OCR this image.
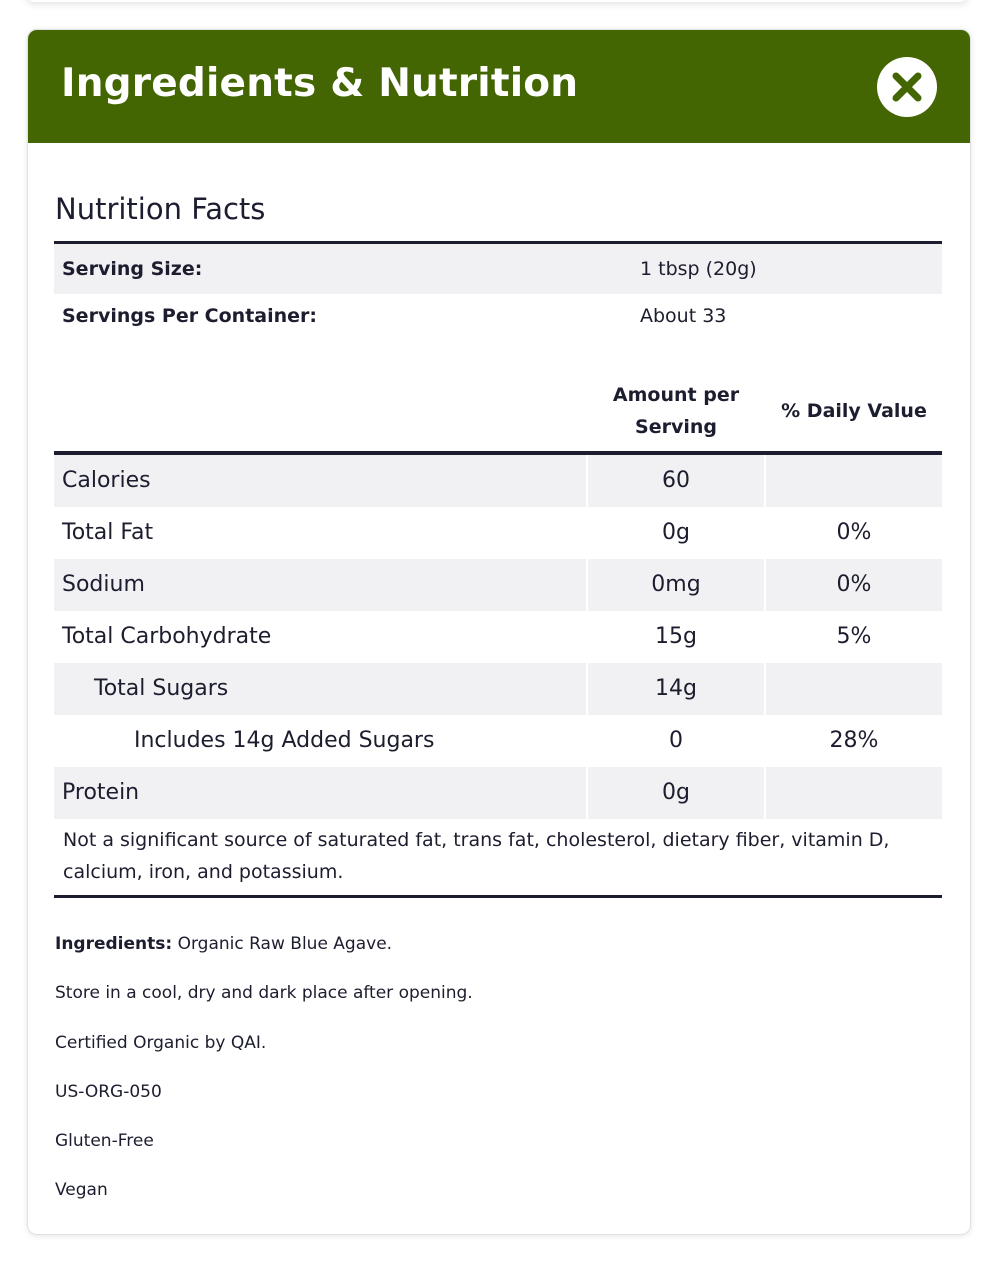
Ingredients & Nutrition
Nutrition Facts
Serving Size:	1 tbsp (20g)
Servings Per Container:	About 33
Amount per
Serving
% Daily Value
Calories	60
Total Fat	0g	0%
Sodium	0mg	0%
Total Carbohydrate	15g	5%
Total Sugars	14g
Includes 14g Added Sugars	0	28%
Protein	0g
Not a significant source of saturated fat, trans fat, cholesterol, dietary fiber, vitamin D, calcium, iron, and potassium.
Ingredients: Organic Raw Blue Agave.
Store in a cool, dry and dark place after opening.
Certified Organic by QAI.
US-ORG-050
Gluten-Free
Vegan
